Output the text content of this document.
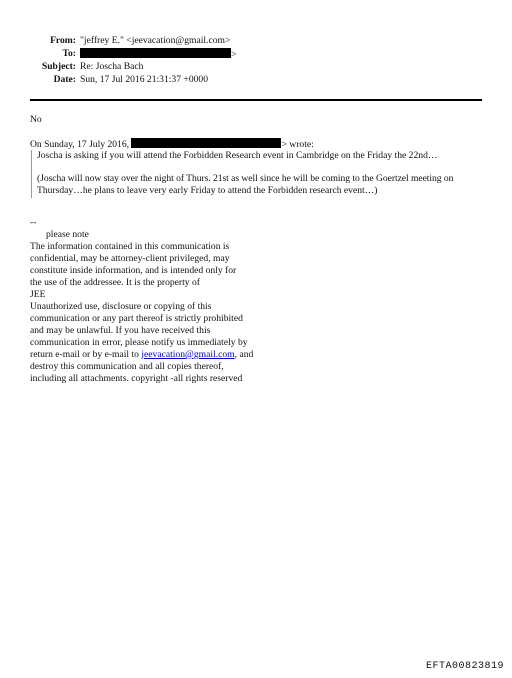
From: "jeffrey E." <jeevacation@gmail.com>
To:	>
Subject: Re: Joscha Bach
Date: Sun, 17 Jul 2016 21:31:37 +0000
No
On Sunday, 17 July 2016,	> wrote:
Joscha is asking if you will attend the Forbidden Research event in Cambridge on the Friday the 22nd…
(Joscha will now stay over the night of Thurs. 21st as well since he will be coming to the Goertzel meeting on
Thursday…he plans to leave very early Friday to attend the Forbidden research event…)
--
please note
The information contained in this communication is
confidential, may be attorney-client privileged, may
constitute inside information, and is intended only for
the use of the addressee. It is the property of
JEE
Unauthorized use, disclosure or copying of this
communication or any part thereof is strictly prohibited
and may be unlawful. If you have received this
communication in error, please notify us immediately by
return e-mail or by e-mail to jeevacation@gmail.com, and
destroy this communication and all copies thereof,
including all attachments. copyright -all rights reserved
EFTA00823819
